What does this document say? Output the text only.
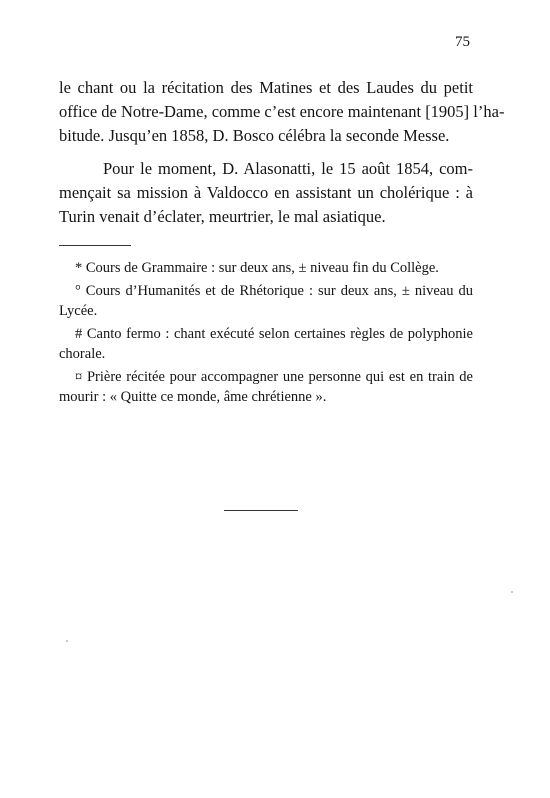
75
le chant ou la récitation des Matines et des Laudes du petit
office de Notre-Dame, comme c’est encore maintenant [1905] l’ha-
bitude. Jusqu’en 1858, D. Bosco célébra la seconde Messe.
Pour le moment, D. Alasonatti, le 15 août 1854, com-
mençait sa mission à Valdocco en assistant un cholérique : à
Turin venait d’éclater, meurtrier, le mal asiatique.
* Cours de Grammaire : sur deux ans, ± niveau fin du Collège.
° Cours d’Humanités et de Rhétorique : sur deux ans, ± niveau du
Lycée.
# Canto fermo : chant exécuté selon certaines règles de polyphonie
chorale.
¤ Prière récitée pour accompagner une personne qui est en train de
mourir : « Quitte ce monde, âme chrétienne ».
